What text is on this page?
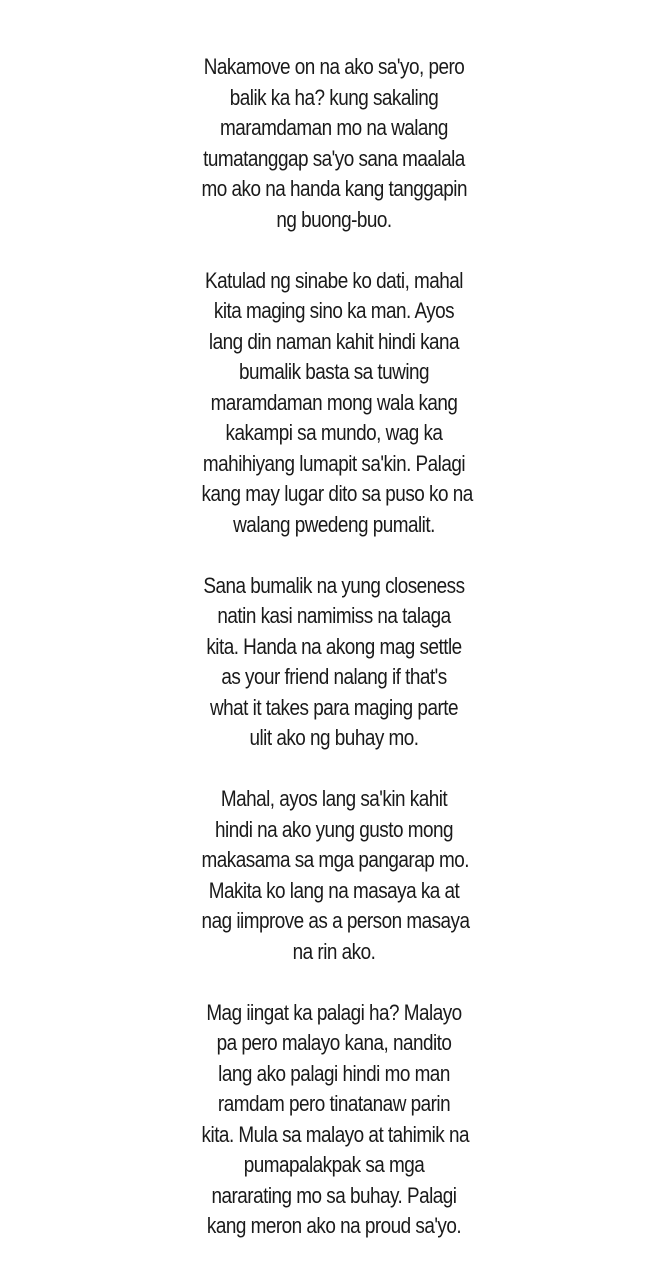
Nakamove on na ako sa'yo, pero
balik ka ha? kung sakaling
maramdaman mo na walang
tumatanggap sa'yo sana maalala
mo ako na handa kang tanggapin
ng buong-buo.

Katulad ng sinabe ko dati, mahal
kita maging sino ka man. Ayos
lang din naman kahit hindi kana
bumalik basta sa tuwing
maramdaman mong wala kang
kakampi sa mundo, wag ka
mahihiyang lumapit sa'kin. Palagi
kang may lugar dito sa puso ko na
walang pwedeng pumalit.

Sana bumalik na yung closeness
natin kasi namimiss na talaga
kita. Handa na akong mag settle
as your friend nalang if that's
what it takes para maging parte
ulit ako ng buhay mo.

Mahal, ayos lang sa'kin kahit
hindi na ako yung gusto mong
makasama sa mga pangarap mo.
Makita ko lang na masaya ka at
nag iimprove as a person masaya
na rin ako.

Mag iingat ka palagi ha? Malayo
pa pero malayo kana, nandito
lang ako palagi hindi mo man
ramdam pero tinatanaw parin
kita. Mula sa malayo at tahimik na
pumapalakpak sa mga
nararating mo sa buhay. Palagi
kang meron ako na proud sa'yo.
